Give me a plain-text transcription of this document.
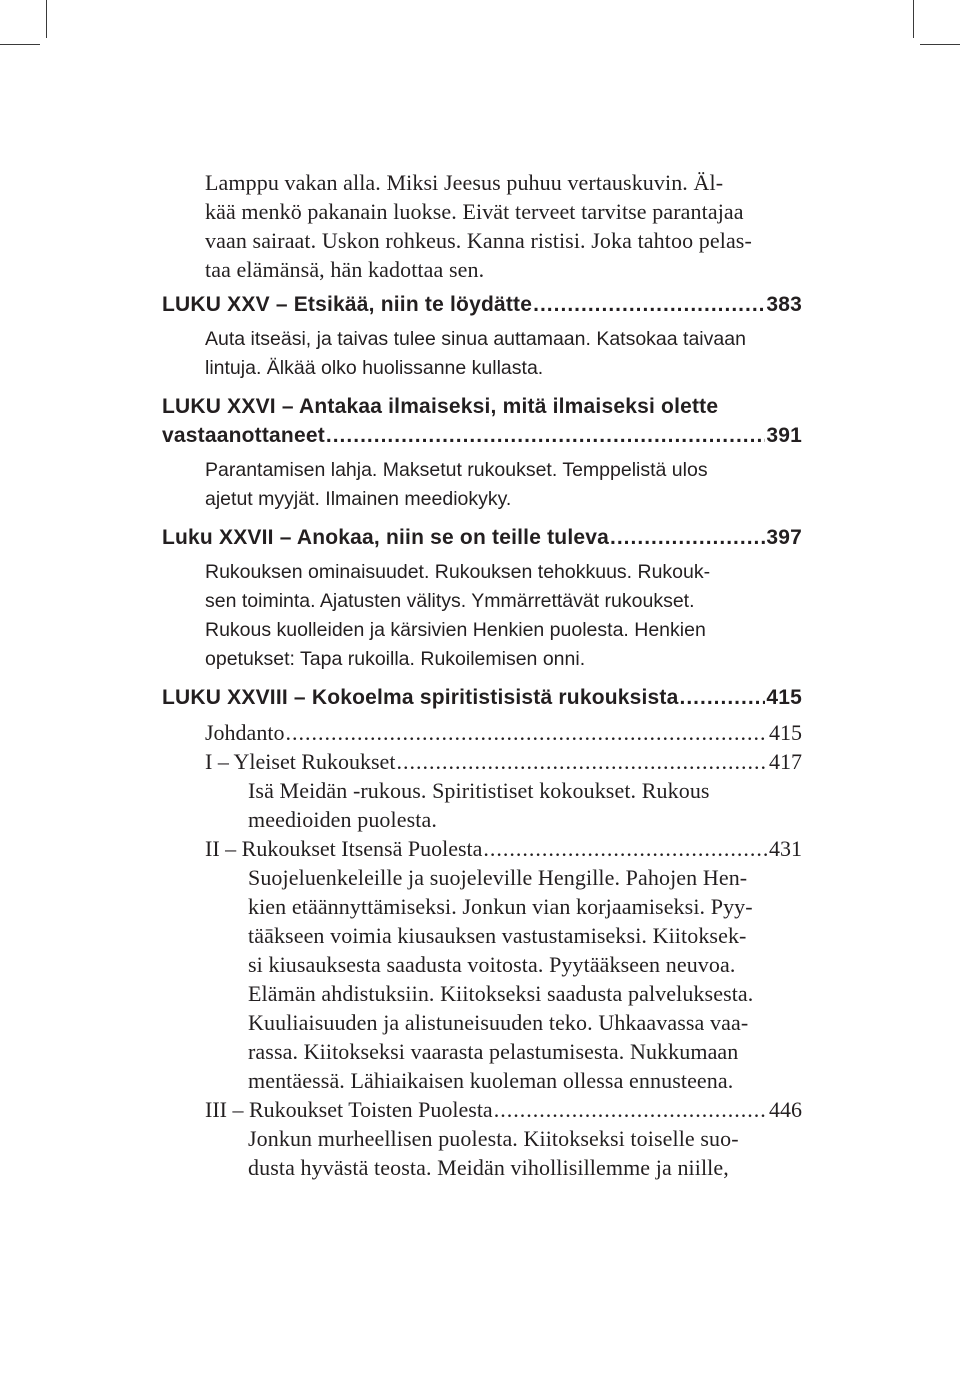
Lamppu vakan alla. Miksi Jeesus puhuu vertauskuvin. Äl-
kää menkö pakanain luokse. Eivät terveet tarvitse parantajaa
vaan sairaat. Uskon rohkeus. Kanna ristisi. Joka tahtoo pelas-
taa elämänsä, hän kadottaa sen.
LUKU XXV – Etsikää, niin te löydätte .....	383
Auta itseäsi, ja taivas tulee sinua auttamaan. Katsokaa taivaan
lintuja. Älkää olko huolissanne kullasta.
LUKU XXVI – Antakaa ilmaiseksi, mitä ilmaiseksi olette
vastaanottaneet .....	391
Parantamisen lahja. Maksetut rukoukset. Temppelistä ulos
ajetut myyjät. Ilmainen meediokyky.
Luku XXVII – Anokaa, niin se on teille tuleva .....	397
Rukouksen ominaisuudet. Rukouksen tehokkuus. Rukouk-
sen toiminta. Ajatusten välitys. Ymmärrettävät rukoukset.
Rukous kuolleiden ja kärsivien Henkien puolesta. Henkien
opetukset: Tapa rukoilla. Rukoilemisen onni.
LUKU XXVIII – Kokoelma spiritistisistä rukouksista .....	415
Johdanto .....	415
I – Yleiset Rukoukset .....	417
Isä Meidän -rukous. Spiritistiset kokoukset. Rukous
meedioiden puolesta.
II – Rukoukset Itsensä Puolesta .....	431
Suojeluenkeleille ja suojeleville Hengille. Pahojen Hen-
kien etäännyttämiseksi. Jonkun vian korjaamiseksi. Pyy-
täākseen voimia kiusauksen vastustamiseksi. Kiitoksek-
si kiusauksesta saadusta voitosta. Pyytääkseen neuvoa.
Elämän ahdistuksiin. Kiitokseksi saadusta palveluksesta.
Kuuliaisuuden ja alistuneisuuden teko. Uhkaavassa vaa-
rassa. Kiitokseksi vaarasta pelastumisesta. Nukkumaan
mentäessä. Lähiaikaisen kuoleman ollessa ennusteena.
III – Rukoukset Toisten Puolesta .....	446
Jonkun murheellisen puolesta. Kiitokseksi toiselle suo-
dusta hyvästä teosta. Meidän vihollisillemme ja niille,
